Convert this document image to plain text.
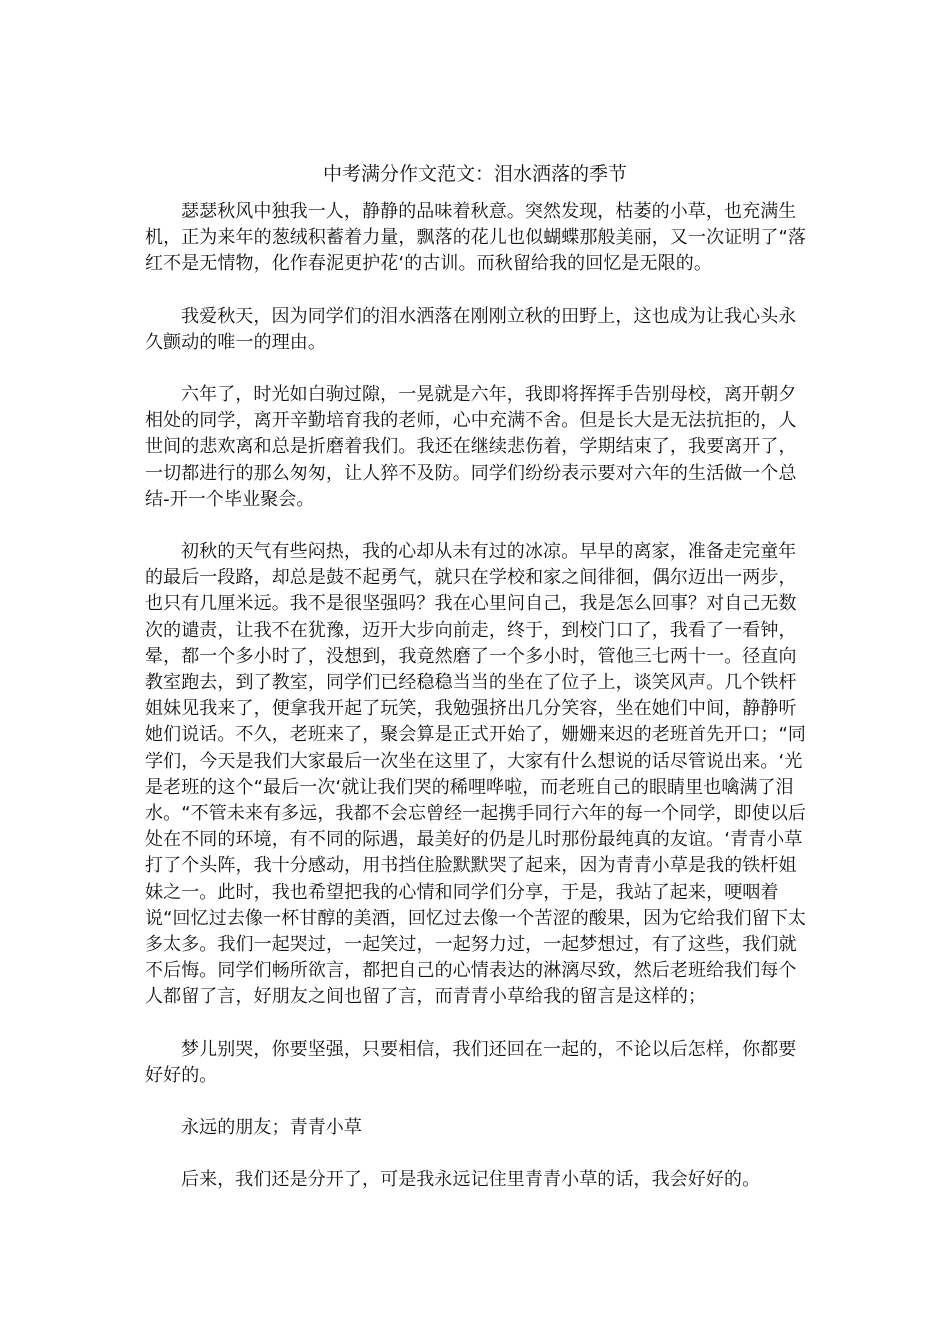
中考满分作文范文：泪水洒落的季节

瑟瑟秋风中独我一人，静静的品味着秋意。突然发现，枯萎的小草，也充满生机，正为来年的葱绒积蓄着力量，飘落的花儿也似蝴蝶那般美丽，又一次证明了“落红不是无情物，化作春泥更护花‘的古训。而秋留给我的回忆是无限的。

我爱秋天，因为同学们的泪水洒落在刚刚立秋的田野上，这也成为让我心头永久颤动的唯一的理由。

六年了，时光如白驹过隙，一晃就是六年，我即将挥挥手告别母校，离开朝夕相处的同学，离开辛勤培育我的老师，心中充满不舍。但是长大是无法抗拒的，人世间的悲欢离和总是折磨着我们。我还在继续悲伤着，学期结束了，我要离开了，一切都进行的那么匆匆，让人猝不及防。同学们纷纷表示要对六年的生活做一个总结-开一个毕业聚会。

初秋的天气有些闷热，我的心却从未有过的冰凉。早早的离家，准备走完童年的最后一段路，却总是鼓不起勇气，就只在学校和家之间徘徊，偶尔迈出一两步，也只有几厘米远。我不是很坚强吗？我在心里问自己，我是怎么回事？对自己无数次的谴责，让我不在犹豫，迈开大步向前走，终于，到校门口了，我看了一看钟，晕，都一个多小时了，没想到，我竟然磨了一个多小时，管他三七两十一。径直向教室跑去，到了教室，同学们已经稳稳当当的坐在了位子上，谈笑风声。几个铁杆姐妹见我来了，便拿我开起了玩笑，我勉强挤出几分笑容，坐在她们中间，静静听她们说话。不久，老班来了，聚会算是正式开始了，姗姗来迟的老班首先开口；“同学们，今天是我们大家最后一次坐在这里了，大家有什么想说的话尽管说出来。‘光是老班的这个“最后一次‘就让我们哭的稀哩哗啦，而老班自己的眼睛里也噙满了泪水。“不管未来有多远，我都不会忘曾经一起携手同行六年的每一个同学，即使以后处在不同的环境，有不同的际遇，最美好的仍是儿时那份最纯真的友谊。‘青青小草打了个头阵，我十分感动，用书挡住脸默默哭了起来，因为青青小草是我的铁杆姐妹之一。此时，我也希望把我的心情和同学们分享，于是，我站了起来，哽咽着说“回忆过去像一杯甘醇的美酒，回忆过去像一个苦涩的酸果，因为它给我们留下太多太多。我们一起哭过，一起笑过，一起努力过，一起梦想过，有了这些，我们就不后悔。同学们畅所欲言，都把自己的心情表达的淋漓尽致，然后老班给我们每个人都留了言，好朋友之间也留了言，而青青小草给我的留言是这样的；

梦儿别哭，你要坚强，只要相信，我们还回在一起的，不论以后怎样，你都要好好的。

永远的朋友；青青小草

后来，我们还是分开了，可是我永远记住里青青小草的话，我会好好的。
